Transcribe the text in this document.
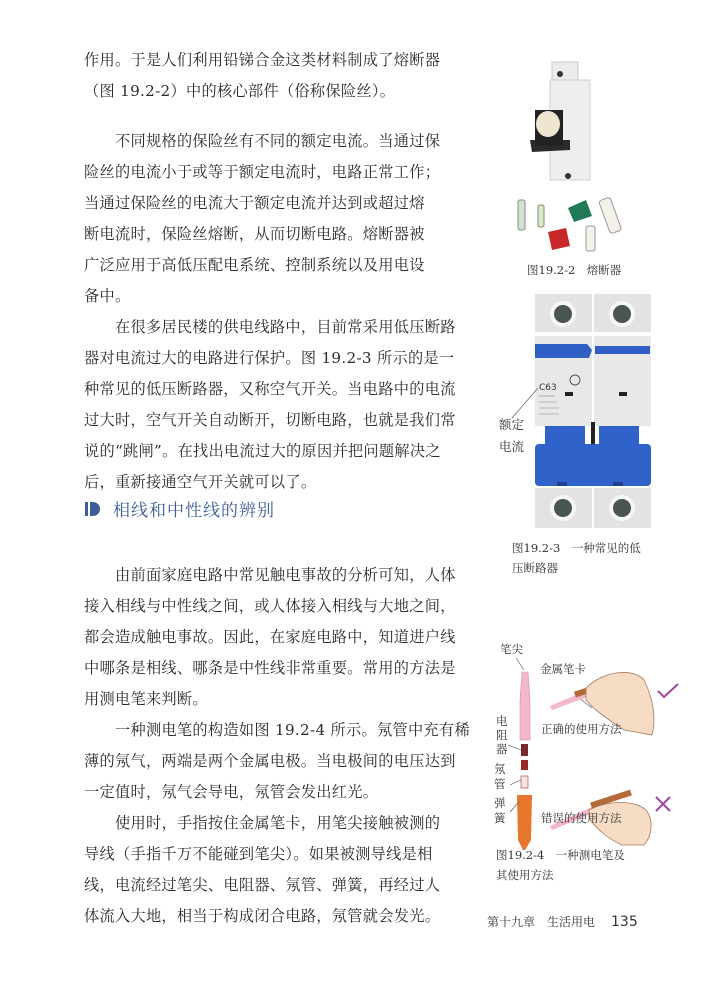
作用。于是人们利用铅锑合金这类材料制成了熔断器
（图 19.2-2）中的核心部件（俗称保险丝）。
不同规格的保险丝有不同的额定电流。当通过保
险丝的电流小于或等于额定电流时，电路正常工作；
当通过保险丝的电流大于额定电流并达到或超过熔
断电流时，保险丝熔断，从而切断电路。熔断器被
广泛应用于高低压配电系统、控制系统以及用电设
备中。
在很多居民楼的供电线路中，目前常采用低压断路
器对电流过大的电路进行保护。图 19.2-3 所示的是一
种常见的低压断路器，又称空气开关。当电路中的电流
过大时，空气开关自动断开，切断电路，也就是我们常
说的“跳闸”。在找出电流过大的原因并把问题解决之
后，重新接通空气开关就可以了。
相线和中性线的辨别
由前面家庭电路中常见触电事故的分析可知，人体
接入相线与中性线之间，或人体接入相线与大地之间，
都会造成触电事故。因此，在家庭电路中，知道进户线
中哪条是相线、哪条是中性线非常重要。常用的方法是
用测电笔来判断。
一种测电笔的构造如图 19.2-4 所示。氖管中充有稀
薄的氖气，两端是两个金属电极。当电极间的电压达到
一定值时，氖气会导电，氖管会发出红光。
使用时，手指按住金属笔卡，用笔尖接触被测的
导线（手指千万不能碰到笔尖）。如果被测导线是相
线，电流经过笔尖、电阻器、氖管、弹簧，再经过人
体流入大地，相当于构成闭合电路，氖管就会发光。
图19.2-2　熔断器
C63
额定
电流
图19.2-3　一种常见的低
压断路器
笔尖
金属笔卡
电
阻
器
氖
管
弹
簧
正确的使用方法
错误的使用方法
图19.2-4　一种测电笔及
其使用方法
第十九章　生活用电 135
